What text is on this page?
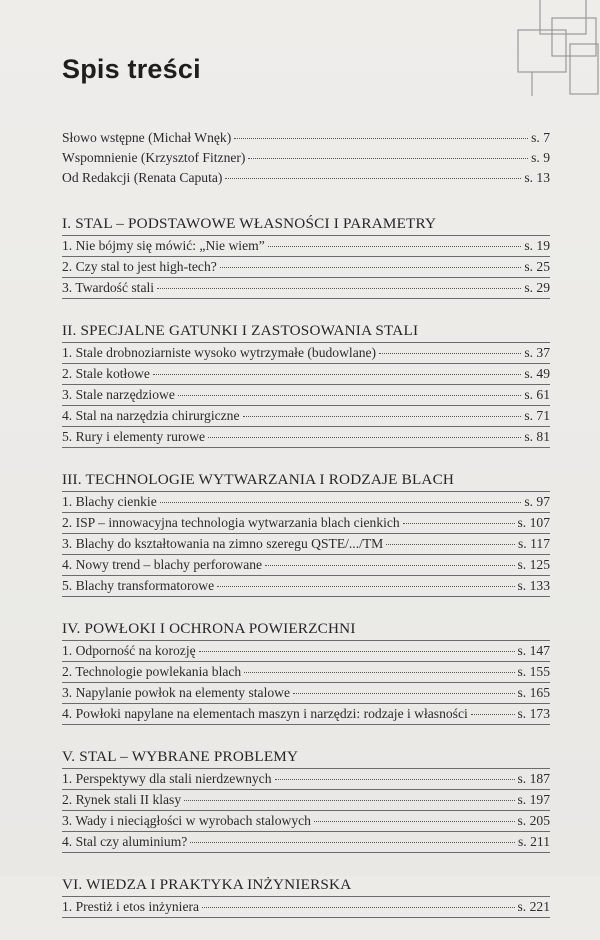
Spis treści
Słowo wstępne (Michał Wnęk)	s. 7
Wspomnienie (Krzysztof Fitzner)	s. 9
Od Redakcji (Renata Caputa)	s. 13
I. STAL – PODSTAWOWE WŁASNOŚCI I PARAMETRY
1. Nie bójmy się mówić: „Nie wiem”	s. 19
2. Czy stal to jest high-tech?	s. 25
3. Twardość stali	s. 29
II. SPECJALNE GATUNKI I ZASTOSOWANIA STALI
1. Stale drobnoziarniste wysoko wytrzymałe (budowlane)	s. 37
2. Stale kotłowe	s. 49
3. Stale narzędziowe	s. 61
4. Stal na narzędzia chirurgiczne	s. 71
5. Rury i elementy rurowe	s. 81
III. TECHNOLOGIE WYTWARZANIA I RODZAJE BLACH
1. Blachy cienkie	s. 97
2. ISP – innowacyjna technologia wytwarzania blach cienkich	s. 107
3. Blachy do kształtowania na zimno szeregu QSTE/.../TM	s. 117
4. Nowy trend – blachy perforowane	s. 125
5. Blachy transformatorowe	s. 133
IV. POWŁOKI I OCHRONA POWIERZCHNI
1. Odporność na korozję	s. 147
2. Technologie powlekania blach	s. 155
3. Napylanie powłok na elementy stalowe	s. 165
4. Powłoki napylane na elementach maszyn i narzędzi: rodzaje i własności	s. 173
V. STAL – WYBRANE PROBLEMY
1. Perspektywy dla stali nierdzewnych	s. 187
2. Rynek stali II klasy	s. 197
3. Wady i nieciągłości w wyrobach stalowych	s. 205
4. Stal czy aluminium?	s. 211
VI. WIEDZA I PRAKTYKA INŻYNIERSKA
1. Prestiż i etos inżyniera	s. 221
